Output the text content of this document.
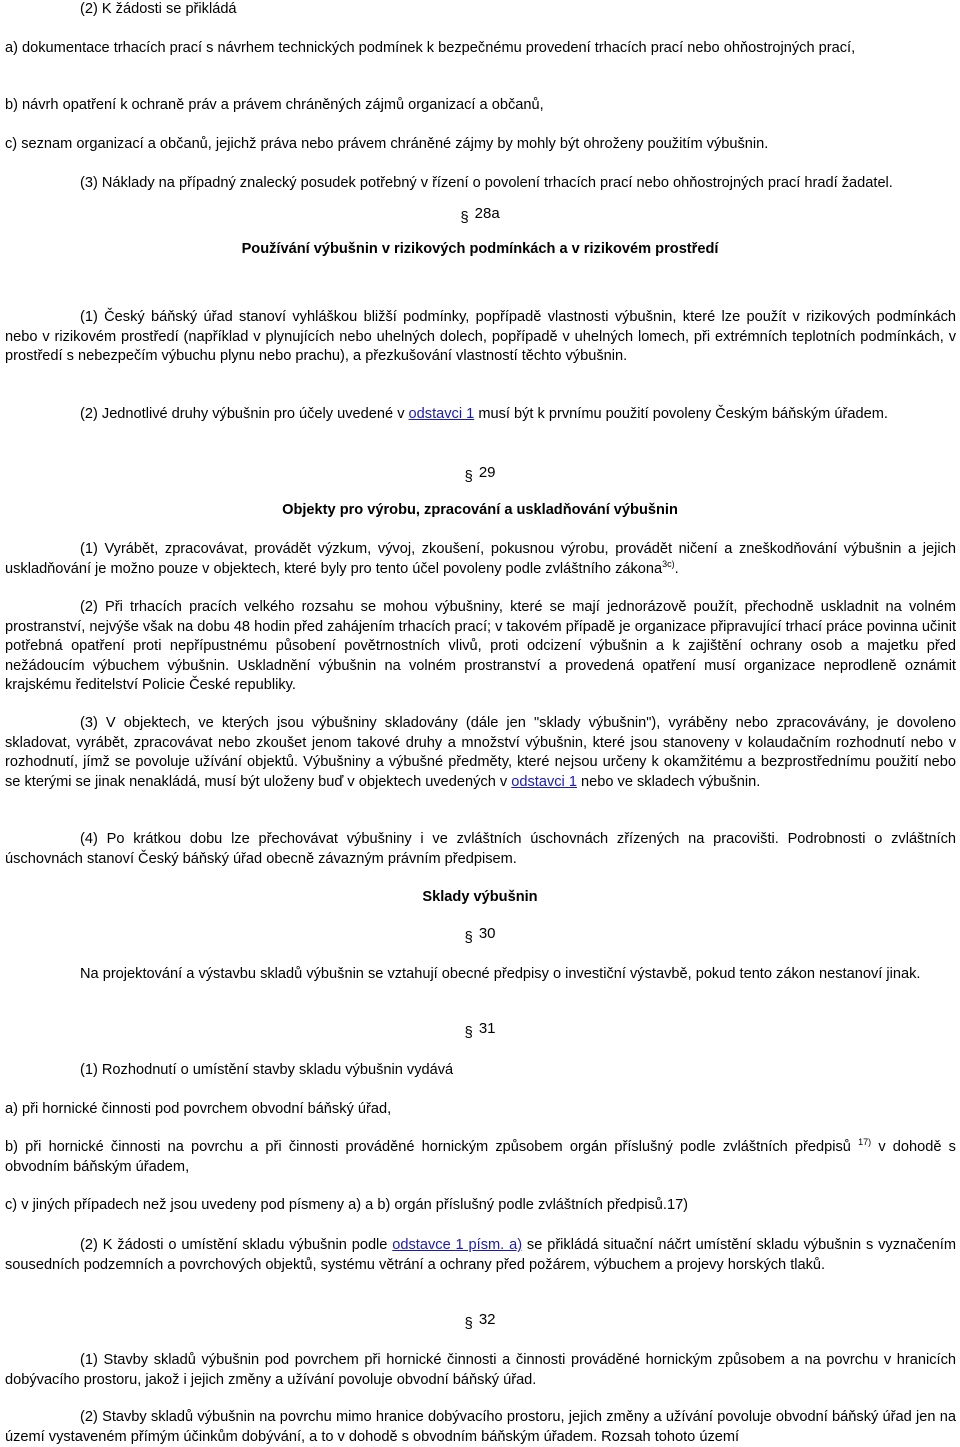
(2) K žádosti se přikládá

a) dokumentace trhacích prací s návrhem technických podmínek k bezpečnému provedení trhacích prací nebo ohňostrojných prací,

b) návrh opatření k ochraně práv a právem chráněných zájmů organizací a občanů,

c) seznam organizací a občanů, jejichž práva nebo právem chráněné zájmy by mohly být ohroženy použitím výbušnin.

(3) Náklady na případný znalecký posudek potřebný v řízení o povolení trhacích prací nebo ohňostrojných prací hradí žadatel.

§ 28a

Používání výbušnin v rizikových podmínkách a v rizikovém prostředí

(1) Český báňský úřad stanoví vyhláškou bližší podmínky, popřípadě vlastnosti výbušnin, které lze použít v rizikových podmínkách nebo v rizikovém prostředí (například v plynujících nebo uhelných dolech, popřípadě v uhelných lomech, při extrémních teplotních podmínkách, v prostředí s nebezpečím výbuchu plynu nebo prachu), a přezkušování vlastností těchto výbušnin.

(2) Jednotlivé druhy výbušnin pro účely uvedené v odstavci 1 musí být k prvnímu použití povoleny Českým báňským úřadem.

§ 29

Objekty pro výrobu, zpracování a uskladňování výbušnin

(1) Vyrábět, zpracovávat, provádět výzkum, vývoj, zkoušení, pokusnou výrobu, provádět ničení a zneškodňování výbušnin a jejich uskladňování je možno pouze v objektech, které byly pro tento účel povoleny podle zvláštního zákona$^{3c)}$.

(2) Při trhacích pracích velkého rozsahu se mohou výbušniny, které se mají jednorázově použít, přechodně uskladnit na volném prostranství, nejvýše však na dobu 48 hodin před zahájením trhacích prací; v takovém případě je organizace připravující trhací práce povinna učinit potřebná opatření proti nepřípustnému působení povětrnostních vlivů, proti odcizení výbušnin a k zajištění ochrany osob a majetku před nežádoucím výbuchem výbušnin. Uskladnění výbušnin na volném prostranství a provedená opatření musí organizace neprodleně oznámit krajskému ředitelství Policie České republiky.

(3) V objektech, ve kterých jsou výbušniny skladovány (dále jen "sklady výbušnin"), vyráběny nebo zpracovávány, je dovoleno skladovat, vyrábět, zpracovávat nebo zkoušet jenom takové druhy a množství výbušnin, které jsou stanoveny v kolaudačním rozhodnutí nebo v rozhodnutí, jímž se povoluje užívání objektů. Výbušniny a výbušné předměty, které nejsou určeny k okamžitému a bezprostřednímu použití nebo se kterými se jinak nenakládá, musí být uloženy buď v objektech uvedených v odstavci 1 nebo ve skladech výbušnin.

(4) Po krátkou dobu lze přechovávat výbušniny i ve zvláštních úschovnách zřízených na pracovišti. Podrobnosti o zvláštních úschovnách stanoví Český báňský úřad obecně závazným právním předpisem.

Sklady výbušnin

§ 30

Na projektování a výstavbu skladů výbušnin se vztahují obecné předpisy o investiční výstavbě, pokud tento zákon nestanoví jinak.

§ 31

(1) Rozhodnutí o umístění stavby skladu výbušnin vydává

a) při hornické činnosti pod povrchem obvodní báňský úřad,

b) při hornické činnosti na povrchu a při činnosti prováděné hornickým způsobem orgán příslušný podle zvláštních předpisů $^{17)}$ v dohodě s obvodním báňským úřadem,

c) v jiných případech než jsou uvedeny pod písmeny a) a b) orgán příslušný podle zvláštních předpisů.17)

(2) K žádosti o umístění skladu výbušnin podle odstavce 1 písm. a) se přikládá situační náčrt umístění skladu výbušnin s vyznačením sousedních podzemních a povrchových objektů, systému větrání a ochrany před požárem, výbuchem a projevy horských tlaků.

§ 32

(1) Stavby skladů výbušnin pod povrchem při hornické činnosti a činnosti prováděné hornickým způsobem a na povrchu v hranicích dobývacího prostoru, jakož i jejich změny a užívání povoluje obvodní báňský úřad.

(2) Stavby skladů výbušnin na povrchu mimo hranice dobývacího prostoru, jejich změny a užívání povoluje obvodní báňský úřad jen na území vystaveném přímým účinkům dobývání, a to v dohodě s obvodním báňským úřadem. Rozsah tohoto území
